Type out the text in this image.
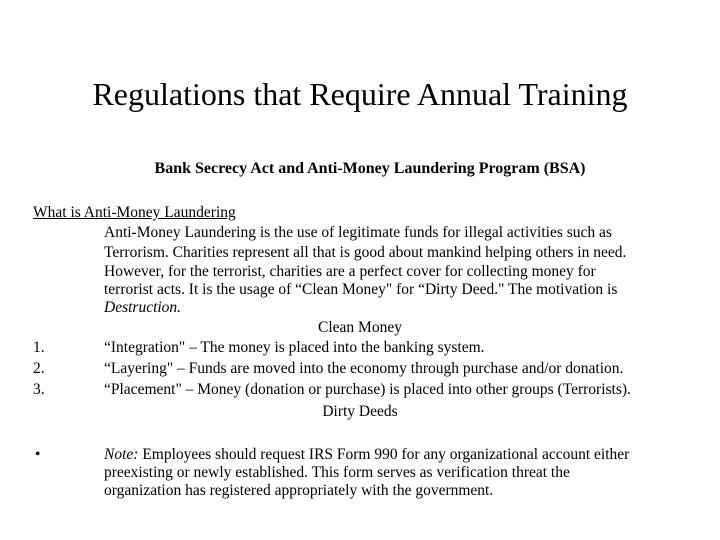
Regulations that Require Annual Training
Bank Secrecy Act and Anti-Money Laundering Program (BSA)
What is Anti-Money Laundering
Anti-Money Laundering is the use of legitimate funds for illegal activities such as
Terrorism. Charities represent all that is good about mankind helping others in need.
However, for the terrorist, charities are a perfect cover for collecting money for
terrorist acts. It is the usage of “Clean Money" for “Dirty Deed." The motivation is
Destruction.
Clean Money
1.	“Integration" – The money is placed into the banking system.
2.	“Layering" – Funds are moved into the economy through purchase and/or donation.
3.	“Placement" – Money (donation or purchase) is placed into other groups (Terrorists).
Dirty Deeds
•	Note: Employees should request IRS Form 990 for any organizational account either
preexisting or newly established. This form serves as verification threat the
organization has registered appropriately with the government.
